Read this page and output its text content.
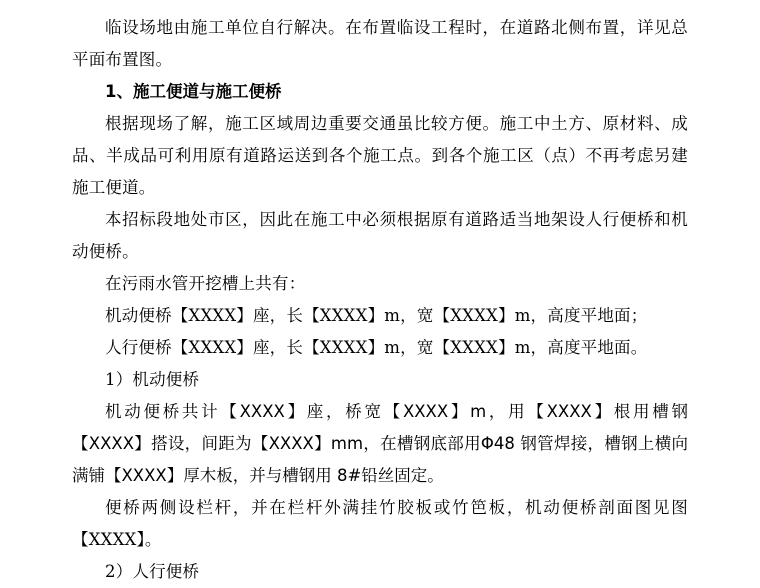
临设场地由施工单位自行解决。在布置临设工程时，在道路北侧布置，详见总平面布置图。

1、施工便道与施工便桥

根据现场了解，施工区域周边重要交通虽比较方便。施工中土方、原材料、成品、半成品可利用原有道路运送到各个施工点。到各个施工区（点）不再考虑另建施工便道。

本招标段地处市区，因此在施工中必须根据原有道路适当地架设人行便桥和机动便桥。

在污雨水管开挖槽上共有：

机动便桥【XXXX】座，长【XXXX】m，宽【XXXX】m，高度平地面；

人行便桥【XXXX】座，长【XXXX】m，宽【XXXX】m，高度平地面。

1）机动便桥

机动便桥共计【XXXX】座，桥宽【XXXX】m，用【XXXX】根用槽钢【XXXX】搭设，间距为【XXXX】mm，在槽钢底部用Φ48 钢管焊接，槽钢上横向满铺【XXXX】厚木板，并与槽钢用 8#铅丝固定。

便桥两侧设栏杆，并在栏杆外满挂竹胶板或竹笆板，机动便桥剖面图见图【XXXX】。

2）人行便桥
